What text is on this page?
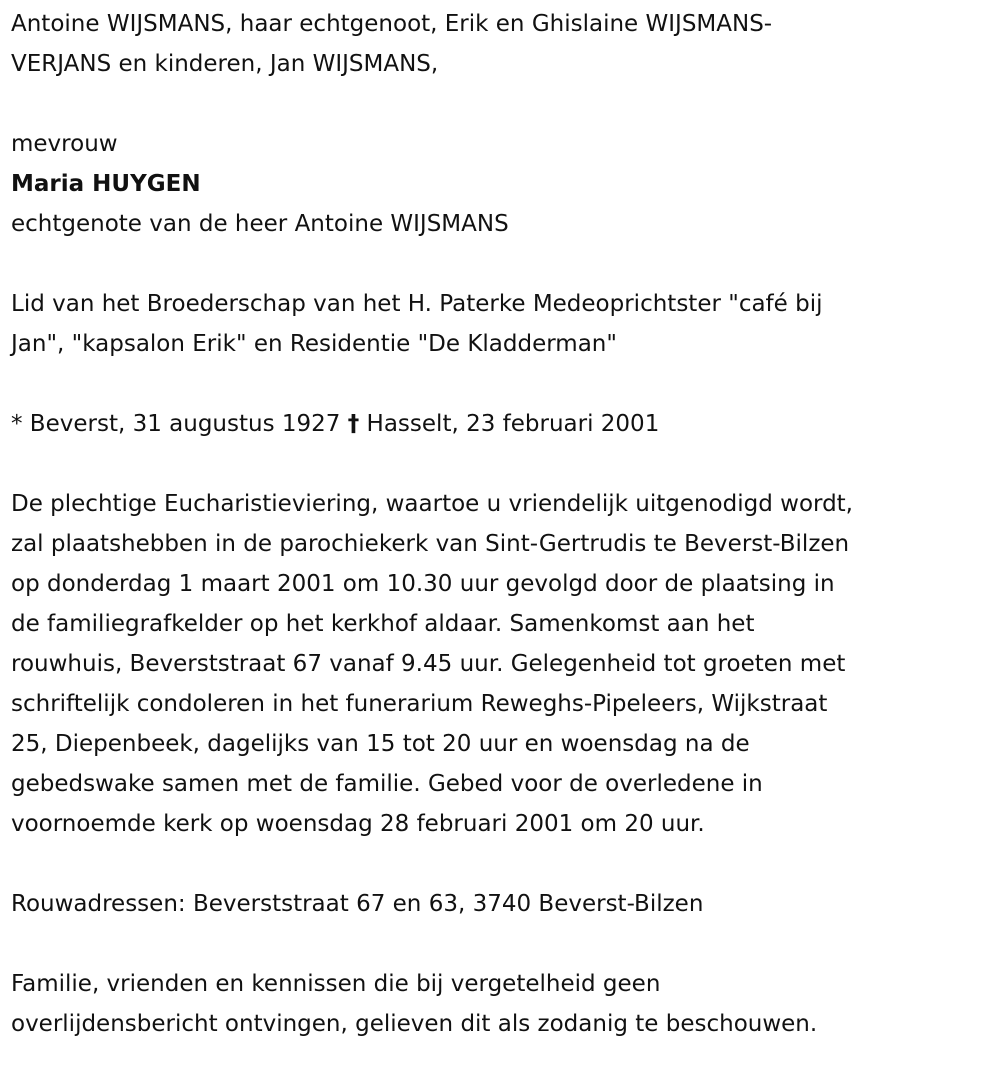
Antoine WIJSMANS, haar echtgenoot, Erik en Ghislaine WIJSMANS-

VERJANS en kinderen, Jan WIJSMANS,

mevrouw

Maria HUYGEN

echtgenote van de heer Antoine WIJSMANS

Lid van het Broederschap van het H. Paterke Medeoprichtster "café bij

Jan", "kapsalon Erik" en Residentie "De Kladderman"

* Beverst, 31 augustus 1927 † Hasselt, 23 februari 2001

De plechtige Eucharistieviering, waartoe u vriendelijk uitgenodigd wordt,

zal plaatshebben in de parochiekerk van Sint-Gertrudis te Beverst-Bilzen

op donderdag 1 maart 2001 om 10.30 uur gevolgd door de plaatsing in

de familiegrafkelder op het kerkhof aldaar. Samenkomst aan het

rouwhuis, Beverststraat 67 vanaf 9.45 uur. Gelegenheid tot groeten met

schriftelijk condoleren in het funerarium Reweghs-Pipeleers, Wijkstraat

25, Diepenbeek, dagelijks van 15 tot 20 uur en woensdag na de

gebedswake samen met de familie. Gebed voor de overledene in

voornoemde kerk op woensdag 28 februari 2001 om 20 uur.

Rouwadressen: Beverststraat 67 en 63, 3740 Beverst-Bilzen

Familie, vrienden en kennissen die bij vergetelheid geen

overlijdensbericht ontvingen, gelieven dit als zodanig te beschouwen.
